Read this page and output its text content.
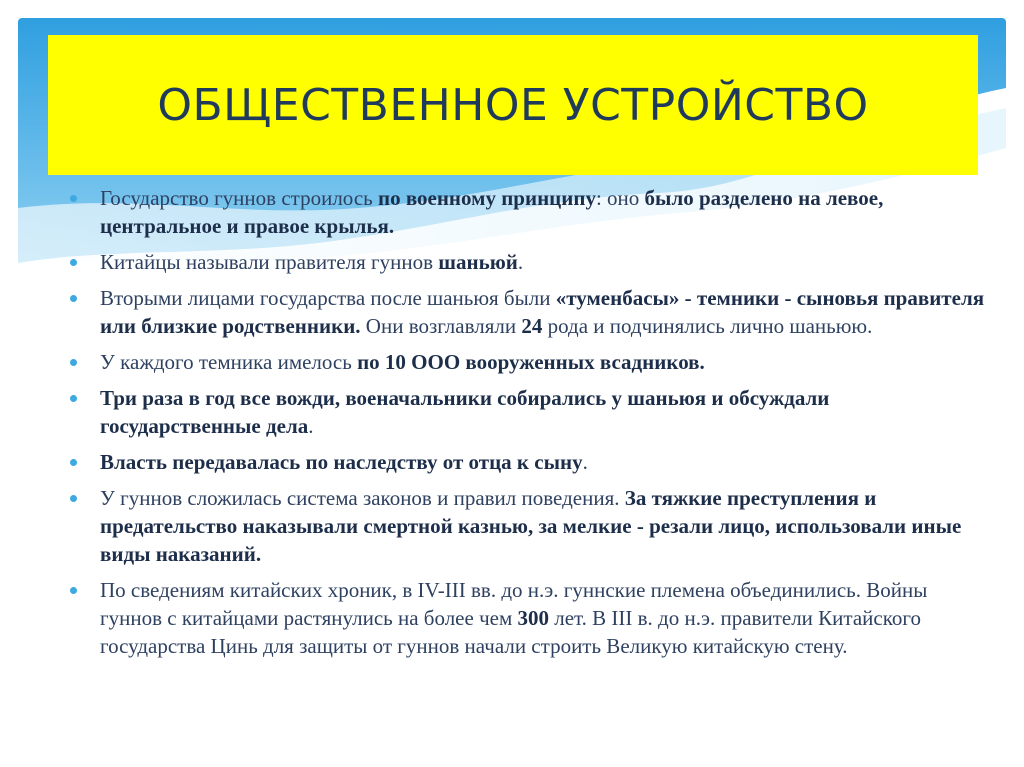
ОБЩЕСТВЕННОЕ УСТРОЙСТВО
Государство гуннов строилось по военному принципу: оно было разделено на левое, центральное и правое крылья.
Китайцы называли правителя гуннов шаньюй.
Вторыми лицами государства после шаньюя были «туменбасы» - темники - сыновья правителя или близкие родственники. Они возглавляли 24 рода и подчинялись лично шаньюю.
У каждого темника имелось по 10 ООО вооруженных всадников.
Три раза в год все вожди, военачальники собирались у шаньюя и обсуждали государственные дела.
Власть передавалась по наследству от отца к сыну.
У гуннов сложилась система законов и правил поведения. За тяжкие преступления и предательство наказывали смертной казнью, за мелкие - резали лицо, использовали иные виды наказаний.
По сведениям китайских хроник, в IV-III вв. до н.э. гуннские племена объединились. Войны гуннов с китайцами растянулись на более чем 300 лет. В III в. до н.э. правители Китайского государства Цинь для защиты от гуннов начали строить Великую китайскую стену.
